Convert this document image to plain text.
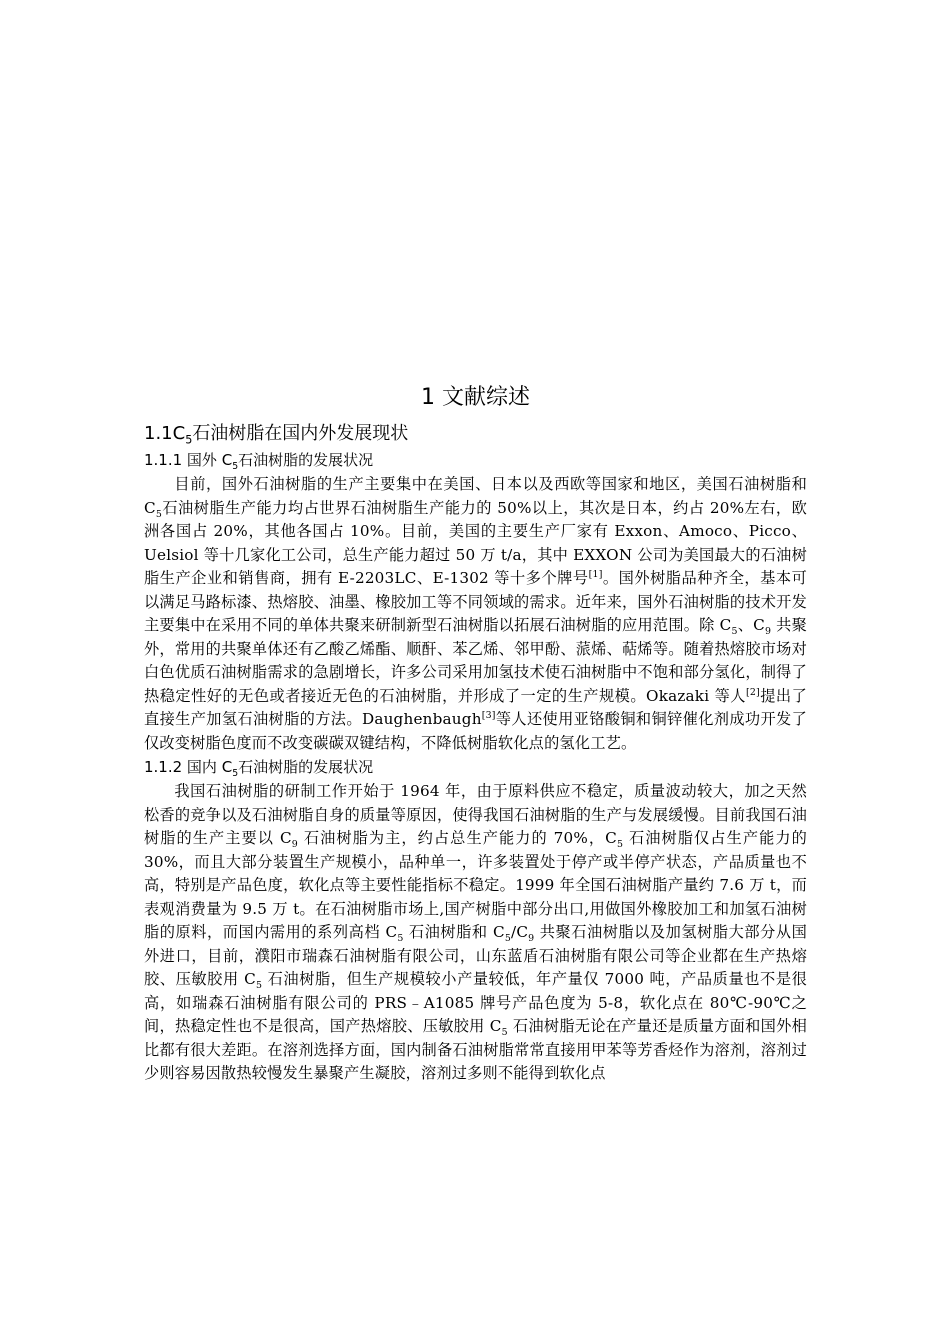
1 文献综述
$1.1C_5$石油树脂在国内外发展现状
1.1.1 国外 $C_5$石油树脂的发展状况

目前，国外石油树脂的生产主要集中在美国、日本以及西欧等国家和地区，美国石油树脂和 $C_5$石油树脂生产能力均占世界石油树脂生产能力的 50%以上，其次是日本，约占 20%左右，欧洲各国占 20%，其他各国占 10%。目前，美国的主要生产厂家有 Exxon、Amoco、Picco、Uelsiol 等十几家化工公司，总生产能力超过 50 万 t/a，其中 EXXON 公司为美国最大的石油树脂生产企业和销售商，拥有 E-2203LC、E-1302 等十多个牌号[1]。国外树脂品种齐全，基本可以满足马路标漆、热熔胶、油墨、橡胶加工等不同领域的需求。近年来，国外石油树脂的技术开发主要集中在采用不同的单体共聚来研制新型石油树脂以拓展石油树脂的应用范围。除 $C_5$、$C_9$ 共聚外，常用的共聚单体还有乙酸乙烯酯、顺酐、苯乙烯、邻甲酚、蒎烯、萜烯等。随着热熔胶市场对白色优质石油树脂需求的急剧增长，许多公司采用加氢技术使石油树脂中不饱和部分氢化，制得了热稳定性好的无色或者接近无色的石油树脂，并形成了一定的生产规模。Okazaki 等人[2]提出了直接生产加氢石油树脂的方法。Daughenbaugh[3]等人还使用亚铬酸铜和铜锌催化剂成功开发了仅改变树脂色度而不改变碳碳双键结构，不降低树脂软化点的氢化工艺。

1.1.2 国内 $C_5$石油树脂的发展状况

我国石油树脂的研制工作开始于 1964 年，由于原料供应不稳定，质量波动较大，加之天然松香的竞争以及石油树脂自身的质量等原因，使得我国石油树脂的生产与发展缓慢。目前我国石油树脂的生产主要以 $C_9$ 石油树脂为主，约占总生产能力的 70%，$C_5$ 石油树脂仅占生产能力的 30%，而且大部分装置生产规模小，品种单一，许多装置处于停产或半停产状态，产品质量也不高，特别是产品色度，软化点等主要性能指标不稳定。1999 年全国石油树脂产量约 7.6 万 t，而表观消费量为 9.5 万 t。在石油树脂市场上,国产树脂中部分出口,用做国外橡胶加工和加氢石油树脂的原料，而国内需用的系列高档 $C_5$ 石油树脂和 $C_5/C_9$ 共聚石油树脂以及加氢树脂大部分从国外进口，目前，濮阳市瑞森石油树脂有限公司，山东蓝盾石油树脂有限公司等企业都在生产热熔胶、压敏胶用 $C_5$ 石油树脂，但生产规模较小产量较低，年产量仅 7000 吨，产品质量也不是很高，如瑞森石油树脂有限公司的 PRS﹣A1085 牌号产品色度为 5-8，软化点在 80℃-90℃之间，热稳定性也不是很高，国产热熔胶、压敏胶用 $C_5$ 石油树脂无论在产量还是质量方面和国外相比都有很大差距。在溶剂选择方面，国内制备石油树脂常常直接用甲苯等芳香烃作为溶剂，溶剂过少则容易因散热较慢发生暴聚产生凝胶，溶剂过多则不能得到软化点
